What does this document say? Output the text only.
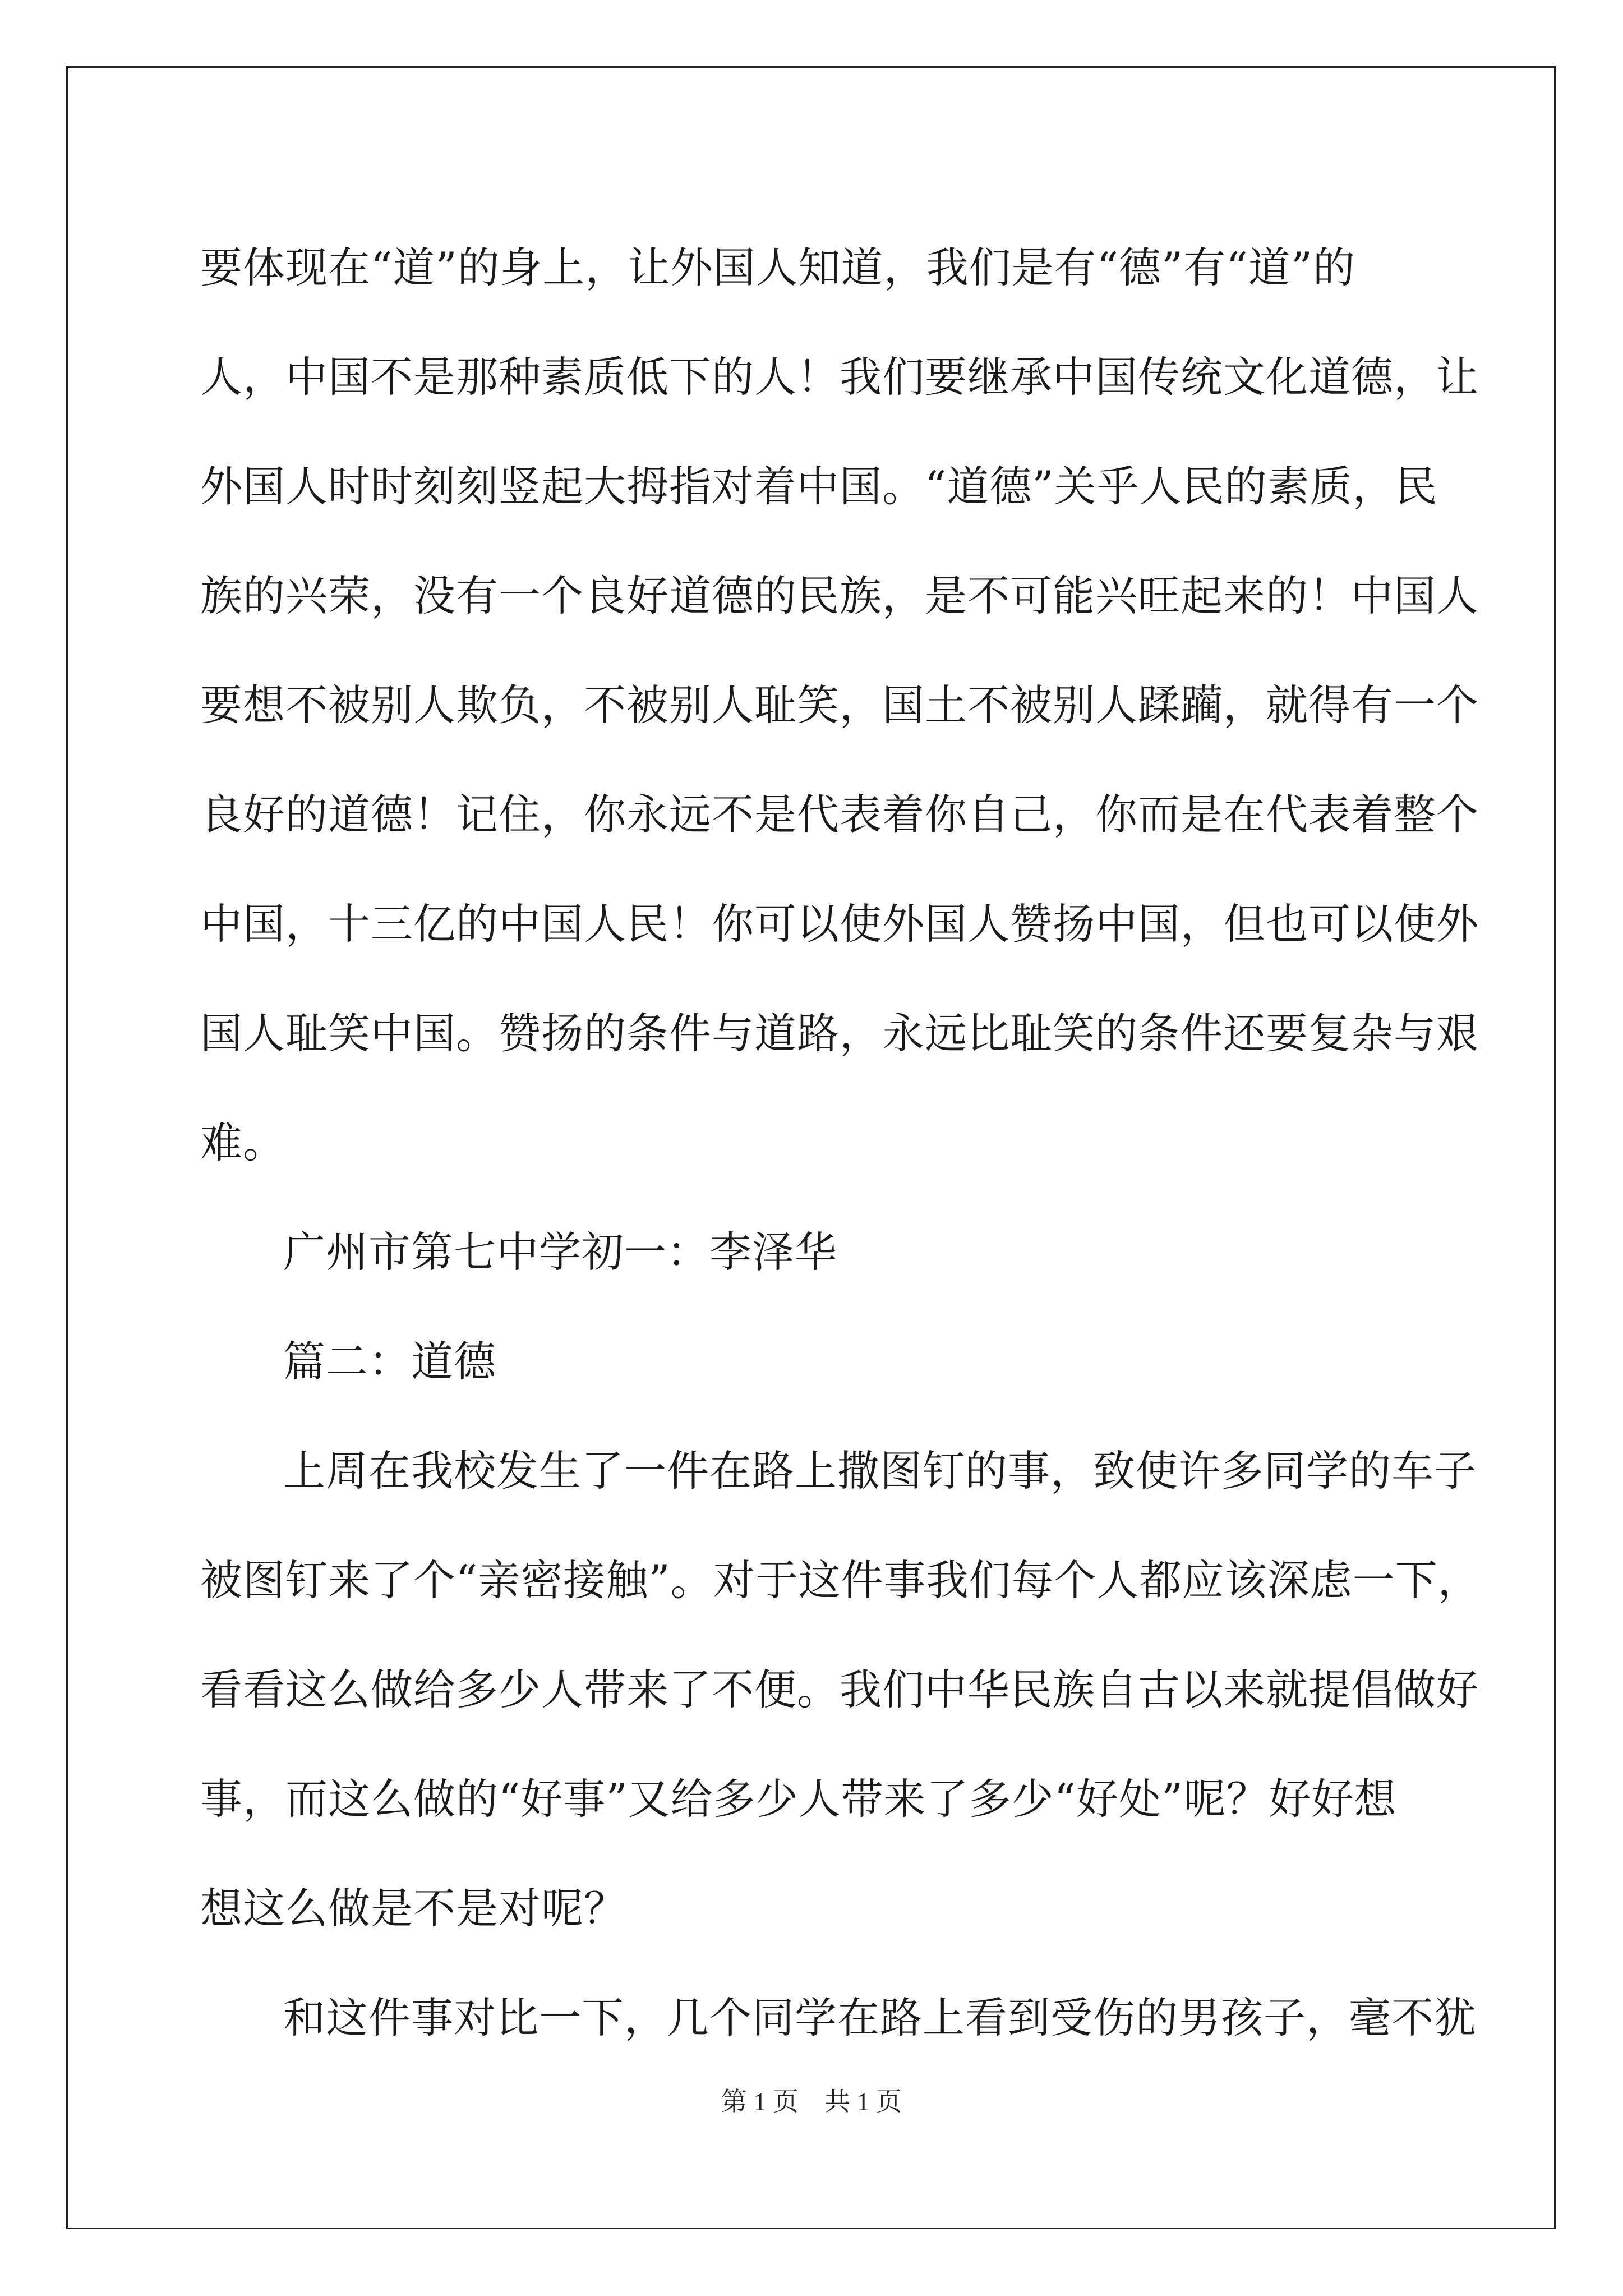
要体现在“道”的身上，让外国人知道，我们是有“德”有“道”的
人，中国不是那种素质低下的人！我们要继承中国传统文化道德，让
外国人时时刻刻竖起大拇指对着中国。“道德”关乎人民的素质，民
族的兴荣，没有一个良好道德的民族，是不可能兴旺起来的！中国人
要想不被别人欺负，不被别人耻笑，国土不被别人蹂躏，就得有一个
良好的道德！记住，你永远不是代表着你自己，你而是在代表着整个
中国，十三亿的中国人民！你可以使外国人赞扬中国，但也可以使外
国人耻笑中国。赞扬的条件与道路，永远比耻笑的条件还要复杂与艰
难。
广州市第七中学初一：李泽华
篇二：道德
上周在我校发生了一件在路上撒图钉的事，致使许多同学的车子
被图钉来了个“亲密接触”。对于这件事我们每个人都应该深虑一下，
看看这么做给多少人带来了不便。我们中华民族自古以来就提倡做好
事，而这么做的“好事”又给多少人带来了多少“好处”呢？好好想
想这么做是不是对呢？
和这件事对比一下，几个同学在路上看到受伤的男孩子，毫不犹
第 1 页　共 1 页
